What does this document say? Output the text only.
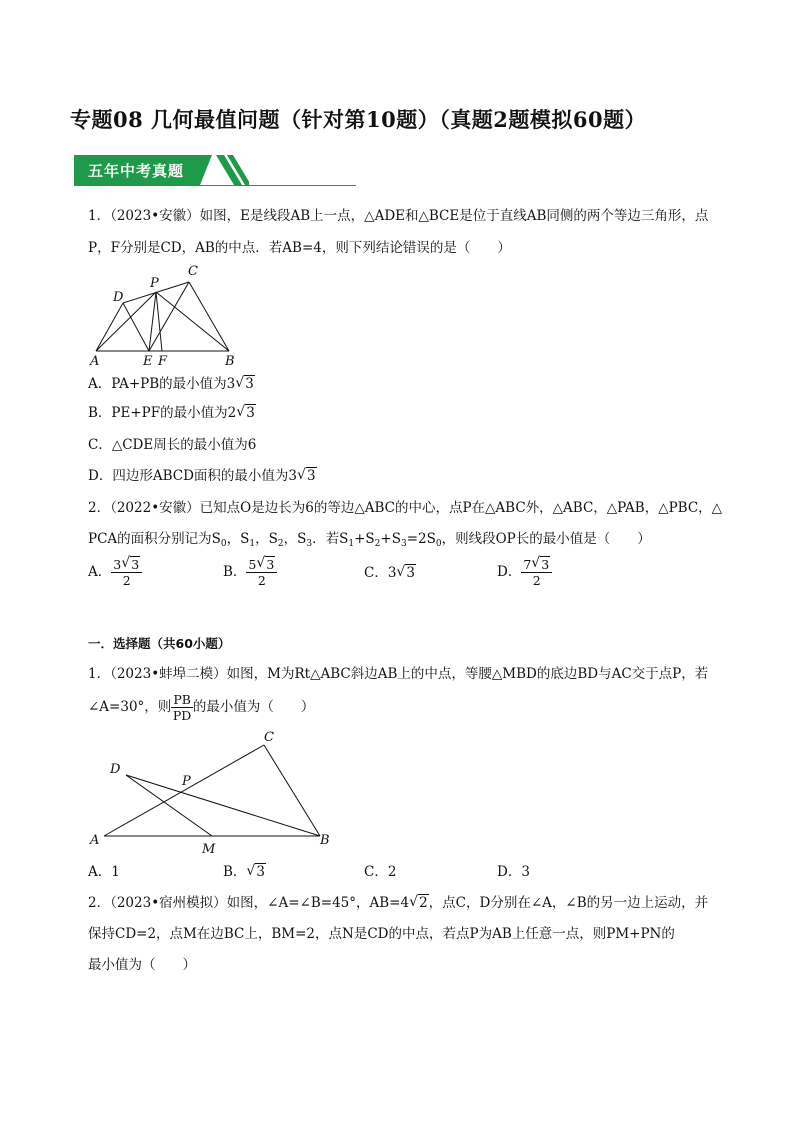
专题08 几何最值问题（针对第10题）（真题2题模拟60题）
五年中考真题
1．（2023•安徽）如图，E是线段AB上一点，△ADE和△BCE是位于直线AB同侧的两个等边三角形，点
P，F分别是CD，AB的中点．若AB=4，则下列结论错误的是（　　）
D
P
C
A	E F	B
A．PA+PB的最小值为3 √ 3
B．PE+PF的最小值为2 √ 3
C．△CDE周长的最小值为6
D．四边形ABCD面积的最小值为3 √ 3
2．（2022•安徽）已知点O是边长为6的等边△ABC的中心，点P在△ABC外，△ABC，△PAB，△PBC，△
PCA的面积分别记为$S_0$，$S_1$，$S_2$，$S_3$．若$S_1+S_2+S_3=2S_0$，则线段OP长的最小值是（　　）
A． $\frac{3 √ 3}{2}$	B． $\frac{5 √ 3}{2}$	C．3 √ 3	D． $\frac{7 √ 3}{2}$
一．选择题（共60小题）
1．（2023•蚌埠二模）如图，M为Rt△ABC斜边AB上的中点，等腰△MBD的底边BD与AC交于点P，若
∠A=30°，则 $\frac{PB}{PD}$ 的最小值为（　　）
C
D
P
A
M
B
A．1	B． √ 3	C．2	D．3
2．（2023•宿州模拟）如图，∠A=∠B=45°，AB=4 √ 2，点C，D分别在∠A，∠B的另一边上运动，并
保持CD=2，点M在边BC上，BM=2，点N是CD的中点，若点P为AB上任意一点，则PM+PN的
最小值为（　　）
